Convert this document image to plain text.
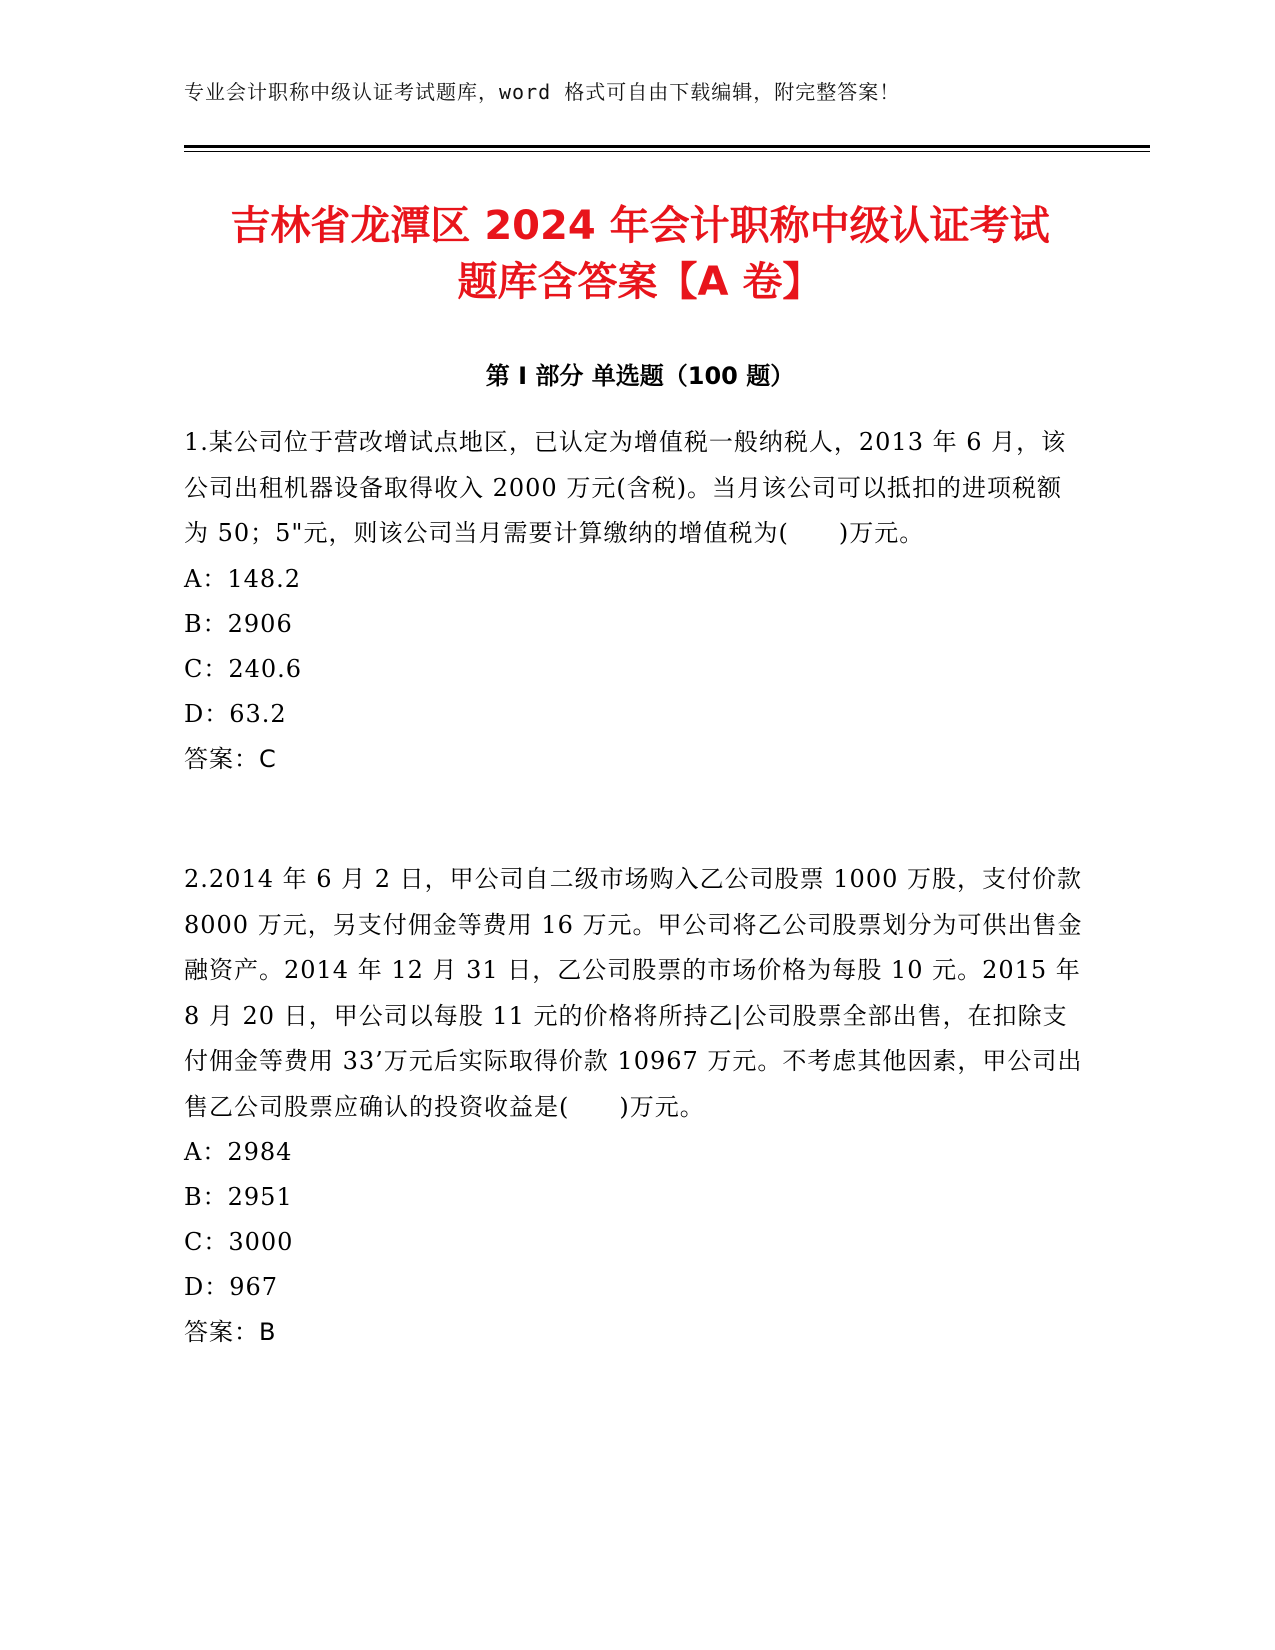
专业会计职称中级认证考试题库，word 格式可自由下载编辑，附完整答案！
吉林省龙潭区 2024 年会计职称中级认证考试
题库含答案【A 卷】
第 I 部分 单选题（100 题）

1.某公司位于营改增试点地区，已认定为增值税一般纳税人，2013 年 6 月，该公司出租机器设备取得收入 2000 万元(含税)。当月该公司可以抵扣的进项税额为 50；5"元，则该公司当月需要计算缴纳的增值税为(　　)万元。

A：148.2
B：2906
C：240.6
D：63.2
答案：C

2.2014 年 6 月 2 日，甲公司自二级市场购入乙公司股票 1000 万股，支付价款 8000 万元，另支付佣金等费用 16 万元。甲公司将乙公司股票划分为可供出售金融资产。2014 年 12 月 31 日，乙公司股票的市场价格为每股 10 元。2015 年 8 月 20 日，甲公司以每股 11 元的价格将所持乙|公司股票全部出售，在扣除支付佣金等费用 33’万元后实际取得价款 10967 万元。不考虑其他因素，甲公司出售乙公司股票应确认的投资收益是(　　)万元。

A：2984
B：2951
C：3000
D：967
答案：B
